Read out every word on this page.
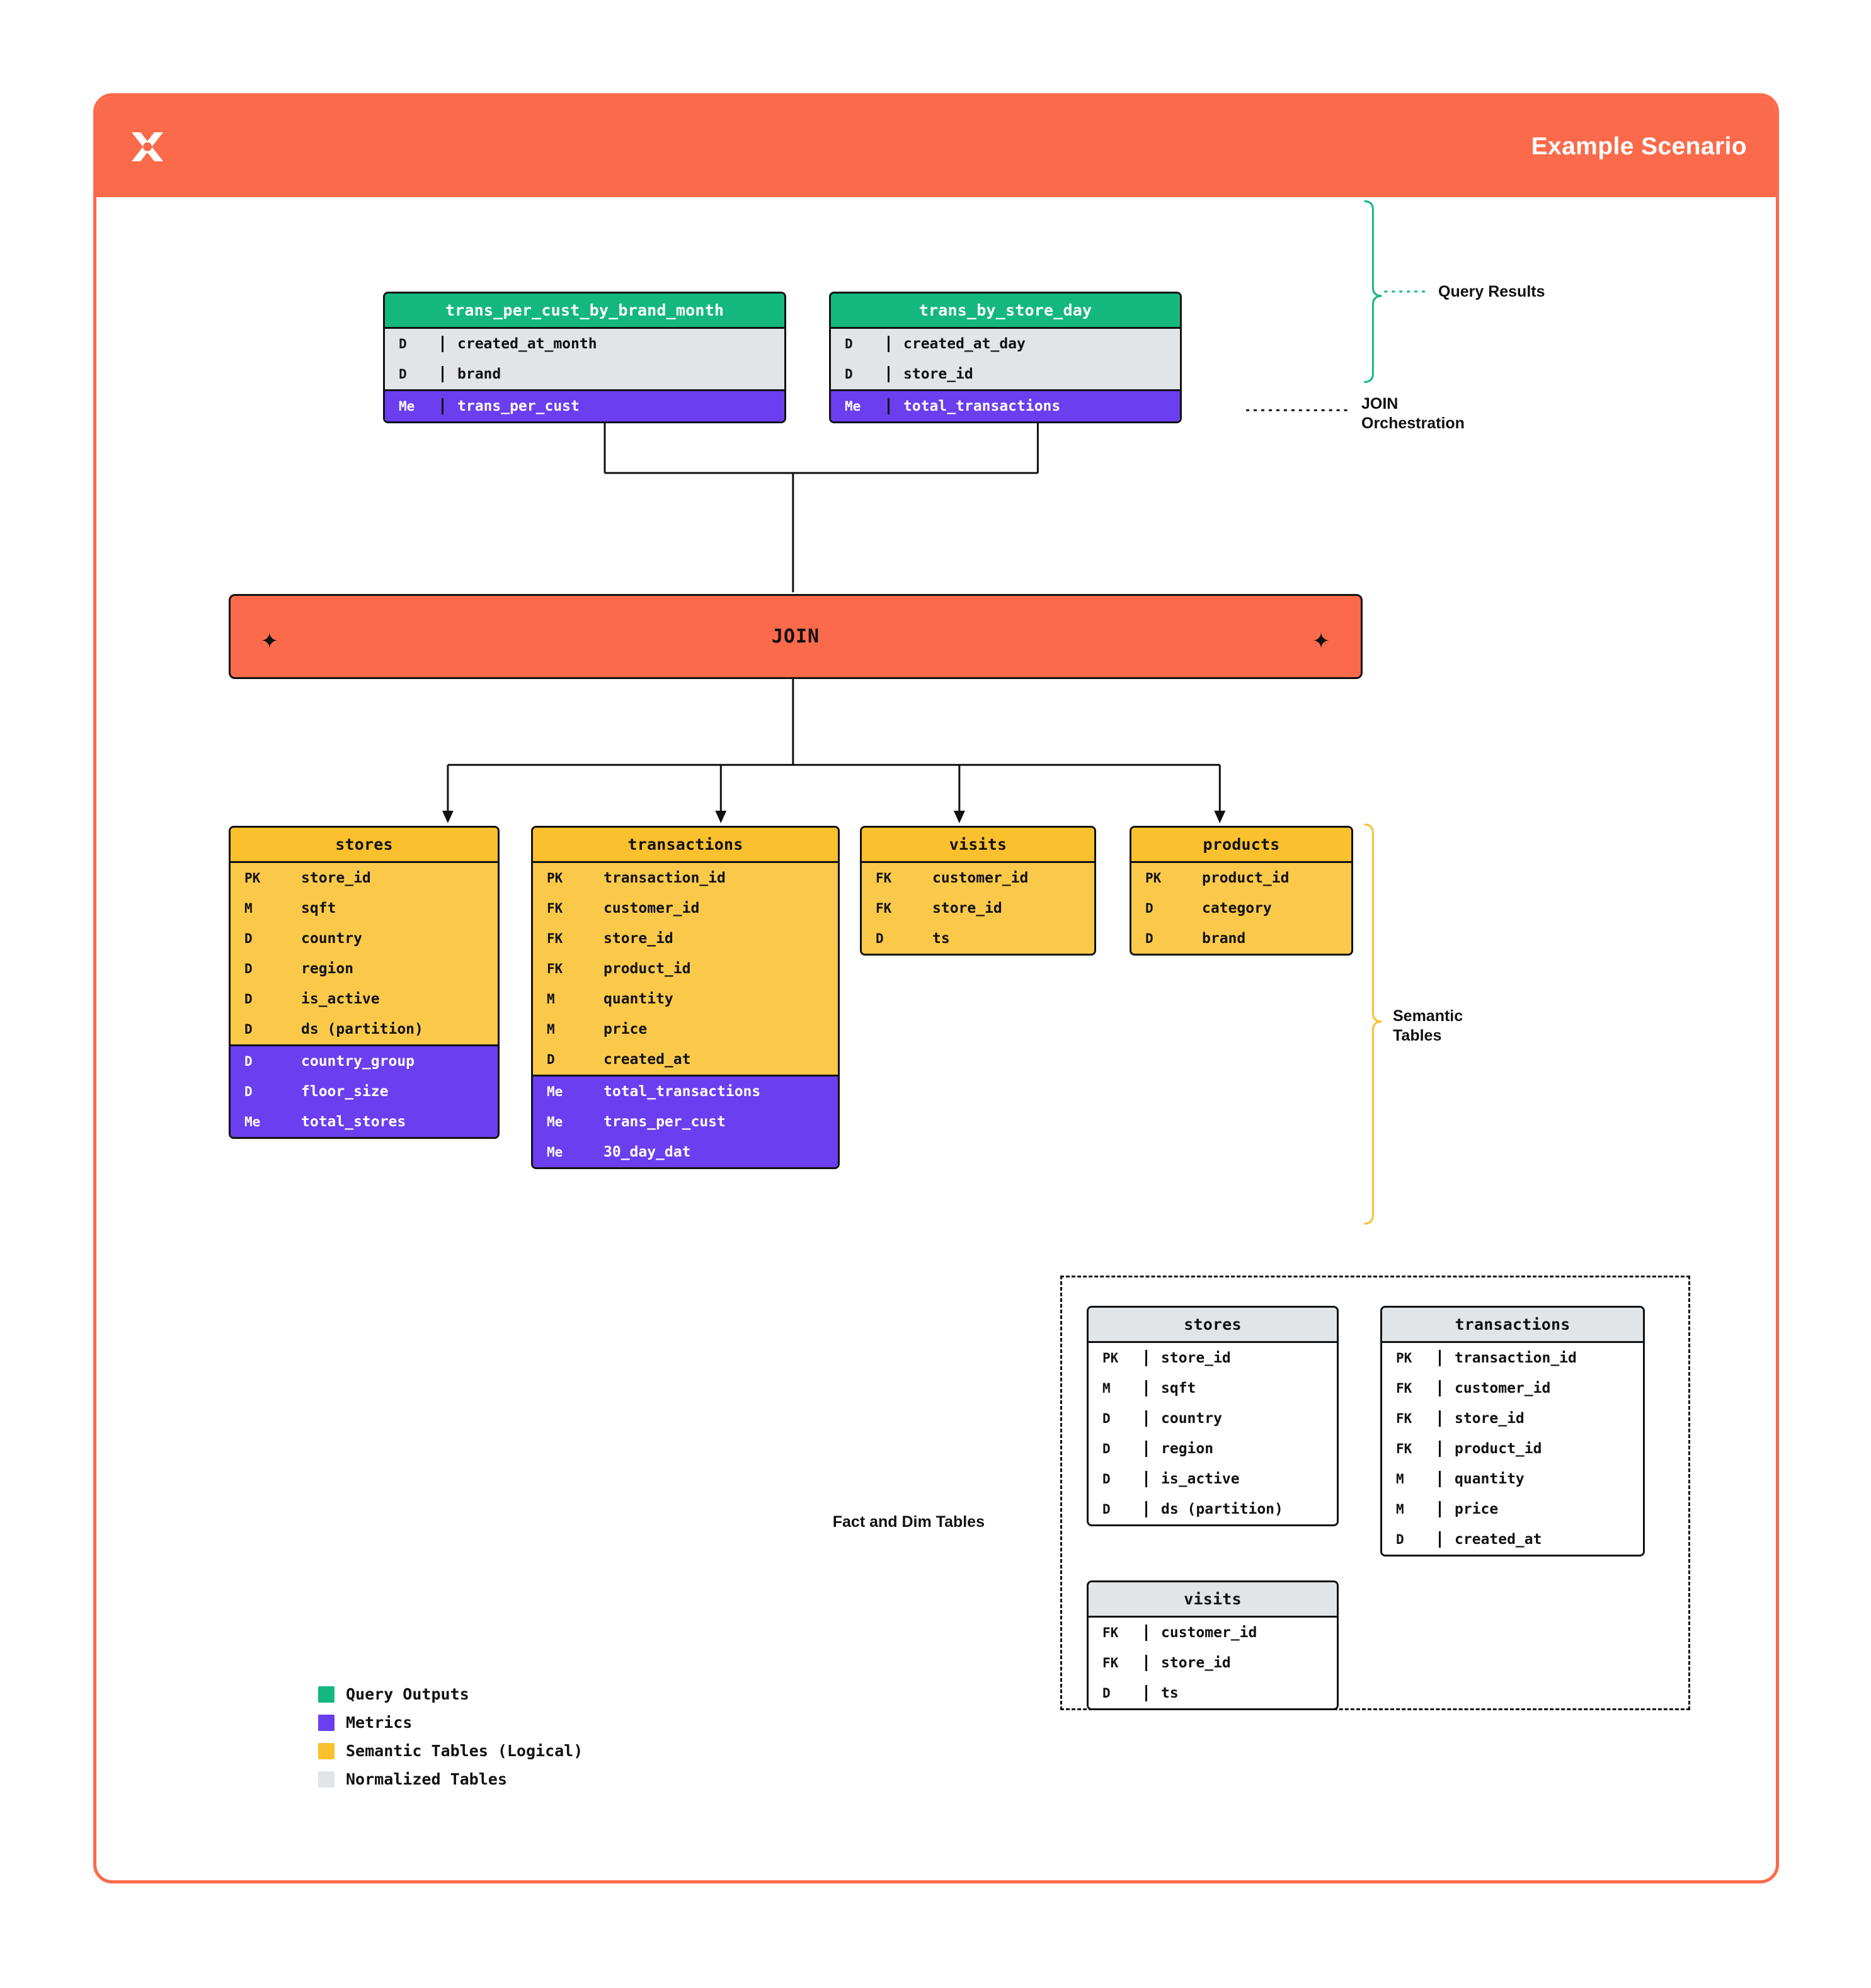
Example Scenario
trans_per_cust_by_brand_month
D	created_at_month
D	brand
Me	trans_per_cust
trans_by_store_day
D	created_at_day
D	store_id
Me	total_transactions
✦	JOIN	✦
stores
PK	store_id
M	sqft
D	country
D	region
D	is_active
D	ds (partition)
D	country_group
D	floor_size
Me	total_stores
transactions
PK	transaction_id
FK	customer_id
FK	store_id
FK	product_id
M	quantity
M	price
D	created_at
Me	total_transactions
Me	trans_per_cust
Me	30_day_dat
visits
FK	customer_id
FK	store_id
D	ts
products
PK	product_id
D	category
D	brand
stores
PK	store_id
M	sqft
D	country
D	region
D	is_active
D	ds (partition)
transactions
PK	transaction_id
FK	customer_id
FK	store_id
FK	product_id
M	quantity
M	price
D	created_at
visits
FK	customer_id
FK	store_id
D	ts
Query Results
JOIN
Orchestration
Semantic
Tables
Fact and Dim Tables
Query Outputs
Metrics
Semantic Tables (Logical)
Normalized Tables
